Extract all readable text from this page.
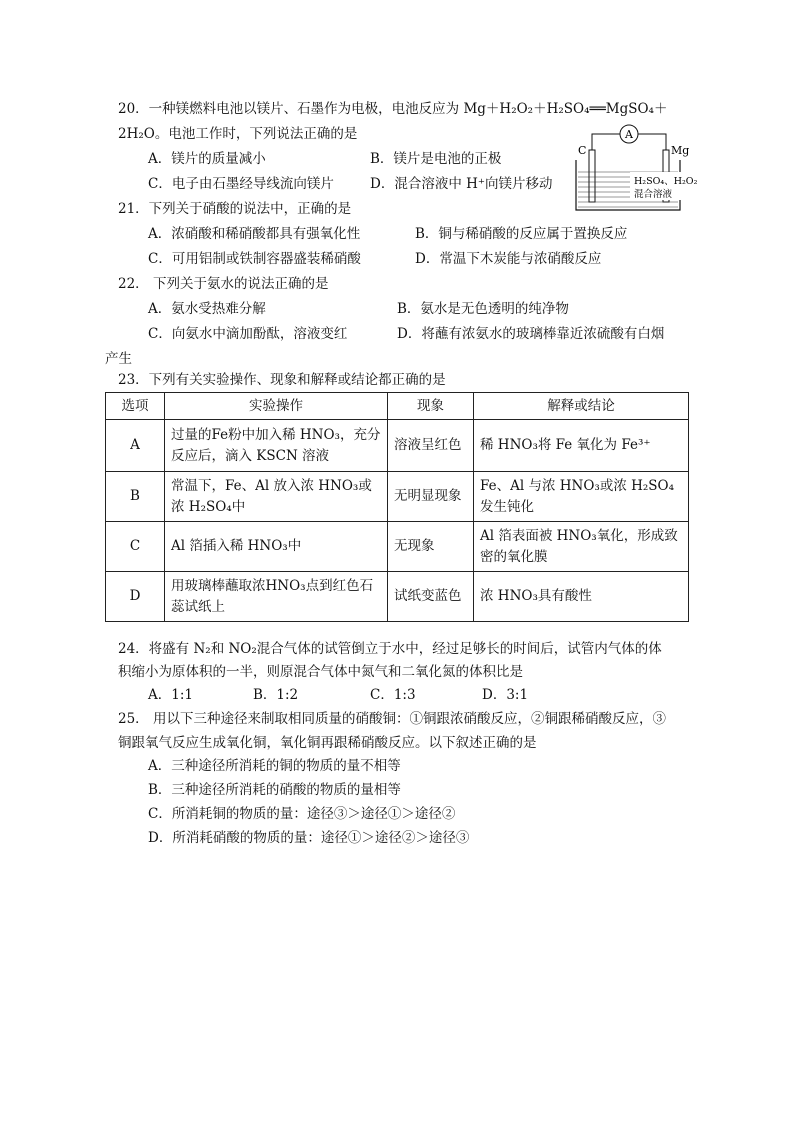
20．一种镁燃料电池以镁片、石墨作为电极，电池反应为 Mg＋H₂O₂＋H₂SO₄══MgSO₄＋
2H₂O。电池工作时，下列说法正确的是
A．镁片的质量减小	B．镁片是电池的正极
C．电子由石墨经导线流向镁片	D．混合溶液中 H⁺向镁片移动
A
C	Mg
H₂SO₄、H₂O₂
混合溶液
21．下列关于硝酸的说法中，正确的是
A．浓硝酸和稀硝酸都具有强氧化性	B．铜与稀硝酸的反应属于置换反应
C．可用铝制或铁制容器盛装稀硝酸	D．常温下木炭能与浓硝酸反应
22． 下列关于氨水的说法正确的是
A．氨水受热难分解	B．氨水是无色透明的纯净物
C．向氨水中滴加酚酞，溶液变红	D．将蘸有浓氨水的玻璃棒靠近浓硫酸有白烟
产生
23．下列有关实验操作、现象和解释或结论都正确的是
选项	实验操作	现象	解释或结论
A	过量的Fe粉中加入稀 HNO₃，充分反应后，滴入 KSCN 溶液	溶液呈红色	稀 HNO₃将 Fe 氧化为 Fe³⁺
B	常温下，Fe、Al 放入浓 HNO₃或浓 H₂SO₄中	无明显现象	Fe、Al 与浓 HNO₃或浓 H₂SO₄发生钝化
C	Al 箔插入稀 HNO₃中	无现象	Al 箔表面被 HNO₃氧化，形成致密的氧化膜
D	用玻璃棒蘸取浓HNO₃点到红色石蕊试纸上	试纸变蓝色	浓 HNO₃具有酸性
24．将盛有 N₂和 NO₂混合气体的试管倒立于水中，经过足够长的时间后，试管内气体的体
积缩小为原体积的一半，则原混合气体中氮气和二氧化氮的体积比是
A．1:1	B．1:2	C．1:3	D．3:1
25． 用以下三种途径来制取相同质量的硝酸铜：①铜跟浓硝酸反应，②铜跟稀硝酸反应，③
铜跟氧气反应生成氧化铜，氧化铜再跟稀硝酸反应。以下叙述正确的是
A．三种途径所消耗的铜的物质的量不相等
B．三种途径所消耗的硝酸的物质的量相等
C．所消耗铜的物质的量：途径③＞途径①＞途径②
D．所消耗硝酸的物质的量：途径①＞途径②＞途径③
